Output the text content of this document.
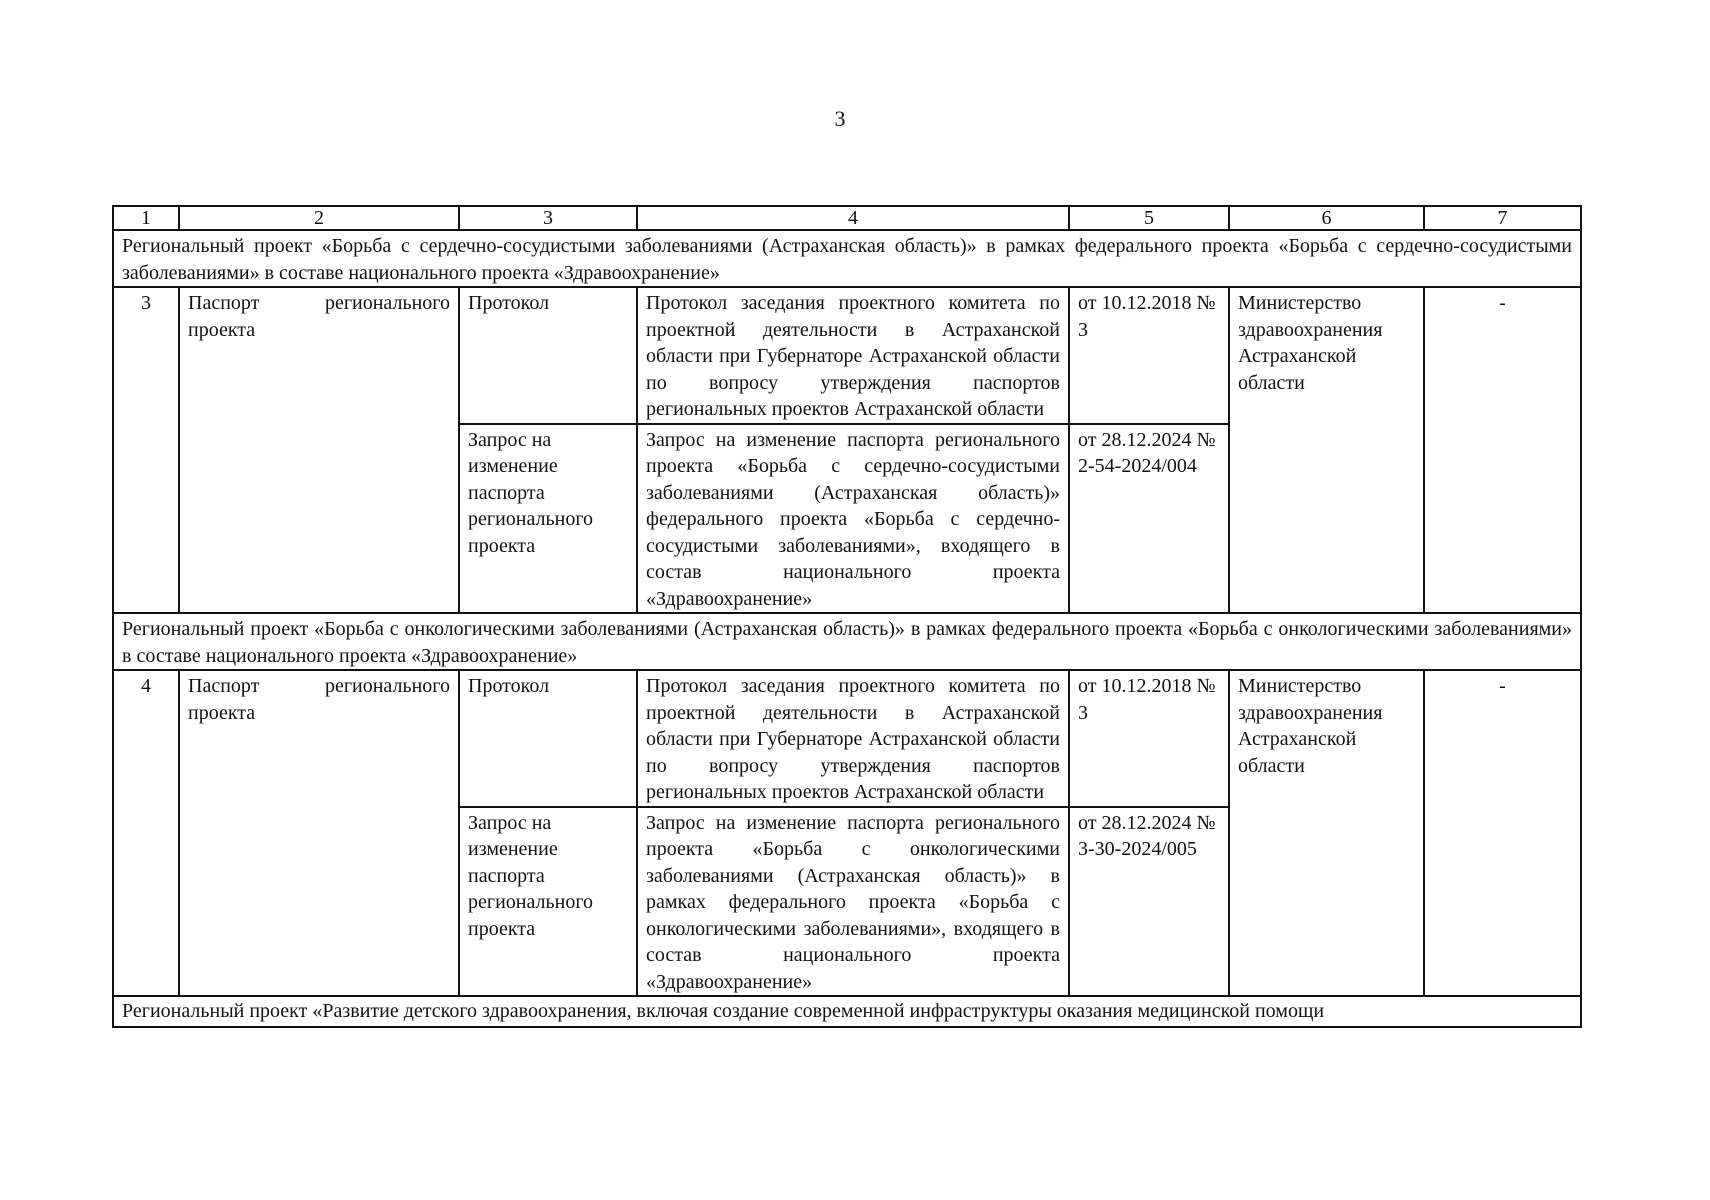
3
1	2	3	4	5	6	7
Региональный проект «Борьба с сердечно-сосудистыми заболеваниями (Астраханская область)» в рамках федерального проекта «Борьба с сердечно-сосудистыми заболеваниями» в составе национального проекта «Здравоохранение»						
3	Паспорт регионального проекта	Протокол	Протокол заседания проектного комитета по проектной деятельности в Астраханской области при Губернаторе Астраханской области по вопросу утверждения паспортов региональных проектов Астраханской области	от 10.12.2018 № 3	Министерство здравоохранения Астраханской области	-
		Запрос на изменение паспорта регионального проекта	Запрос на изменение паспорта регионального проекта «Борьба с сердечно-сосудистыми заболеваниями (Астраханская область)» федерального проекта «Борьба с сердечно-сосудистыми заболеваниями», входящего в состав национального проекта «Здравоохранение»	от 28.12.2024 № 2-54-2024/004		
Региональный проект «Борьба с онкологическими заболеваниями (Астраханская область)» в рамках федерального проекта «Борьба с онкологическими заболеваниями» в составе национального проекта «Здравоохранение»						
4	Паспорт регионального проекта	Протокол	Протокол заседания проектного комитета по проектной деятельности в Астраханской области при Губернаторе Астраханской области по вопросу утверждения паспортов региональных проектов Астраханской области	от 10.12.2018 № 3	Министерство здравоохранения Астраханской области	-
		Запрос на изменение паспорта регионального проекта	Запрос на изменение паспорта регионального проекта «Борьба с онкологическими заболеваниями (Астраханская область)» в рамках федерального проекта «Борьба с онкологическими заболеваниями», входящего в состав национального проекта «Здравоохранение»	от 28.12.2024 № 3-30-2024/005		
Региональный проект «Развитие детского здравоохранения, включая создание современной инфраструктуры оказания медицинской помощи						
